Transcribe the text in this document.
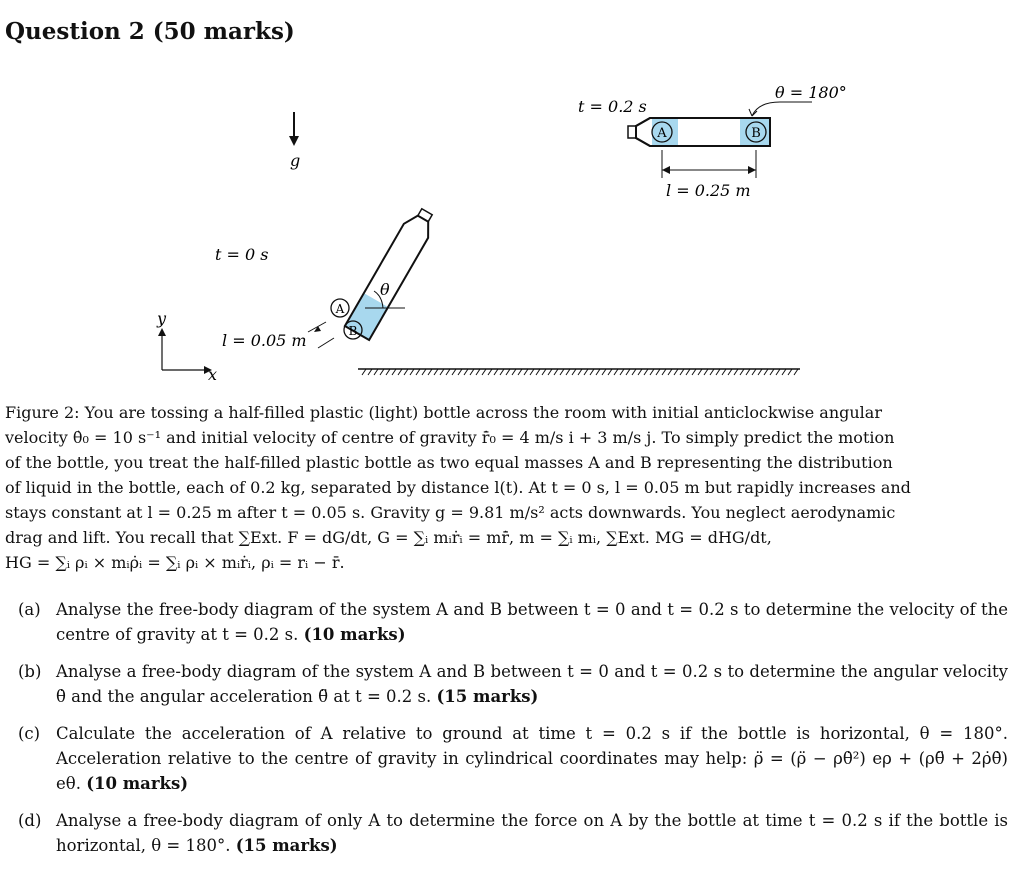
Question 2 (50 marks)
A	B
t = 0.2 s
θ = 180°
l = 0.25 m
g
t = 0 s
A
B
θ
l = 0.05 m
y
x
Figure 2: You are tossing a half-filled plastic (light) bottle across the room with initial anticlockwise angular
velocity θ̇₀ = 10 s⁻¹ and initial velocity of centre of gravity r̄̇₀ = 4 m/s i + 3 m/s j. To simply predict the motion
of the bottle, you treat the half-filled plastic bottle as two equal masses A and B representing the distribution
of liquid in the bottle, each of 0.2 kg, separated by distance l(t). At t = 0 s, l = 0.05 m but rapidly increases and
stays constant at l = 0.25 m after t = 0.05 s. Gravity g = 9.81 m/s² acts downwards. You neglect aerodynamic
drag and lift. You recall that ∑Ext. F = dG/dt, G = ∑ᵢ mᵢṙᵢ = mr̄̇, m = ∑ᵢ mᵢ, ∑Ext. MG = dHG/dt,
HG = ∑ᵢ ρᵢ × mᵢρ̇ᵢ = ∑ᵢ ρᵢ × mᵢṙᵢ, ρᵢ = rᵢ − r̄.
(a) Analyse the free-body diagram of the system A and B between t = 0 and t = 0.2 s to determine the velocity of the centre of gravity at t = 0.2 s. (10 marks)
(b) Analyse a free-body diagram of the system A and B between t = 0 and t = 0.2 s to determine the angular velocity θ̇ and the angular acceleration θ̈ at t = 0.2 s. (15 marks)
(c) Calculate the acceleration of A relative to ground at time t = 0.2 s if the bottle is horizontal, θ = 180°. Acceleration relative to the centre of gravity in cylindrical coordinates may help: ρ̈ = (ρ̈ − ρθ̇²) eρ + (ρθ̈ + 2ρ̇θ̇) eθ. (10 marks)
(d) Analyse a free-body diagram of only A to determine the force on A by the bottle at time t = 0.2 s if the bottle is horizontal, θ = 180°. (15 marks)
